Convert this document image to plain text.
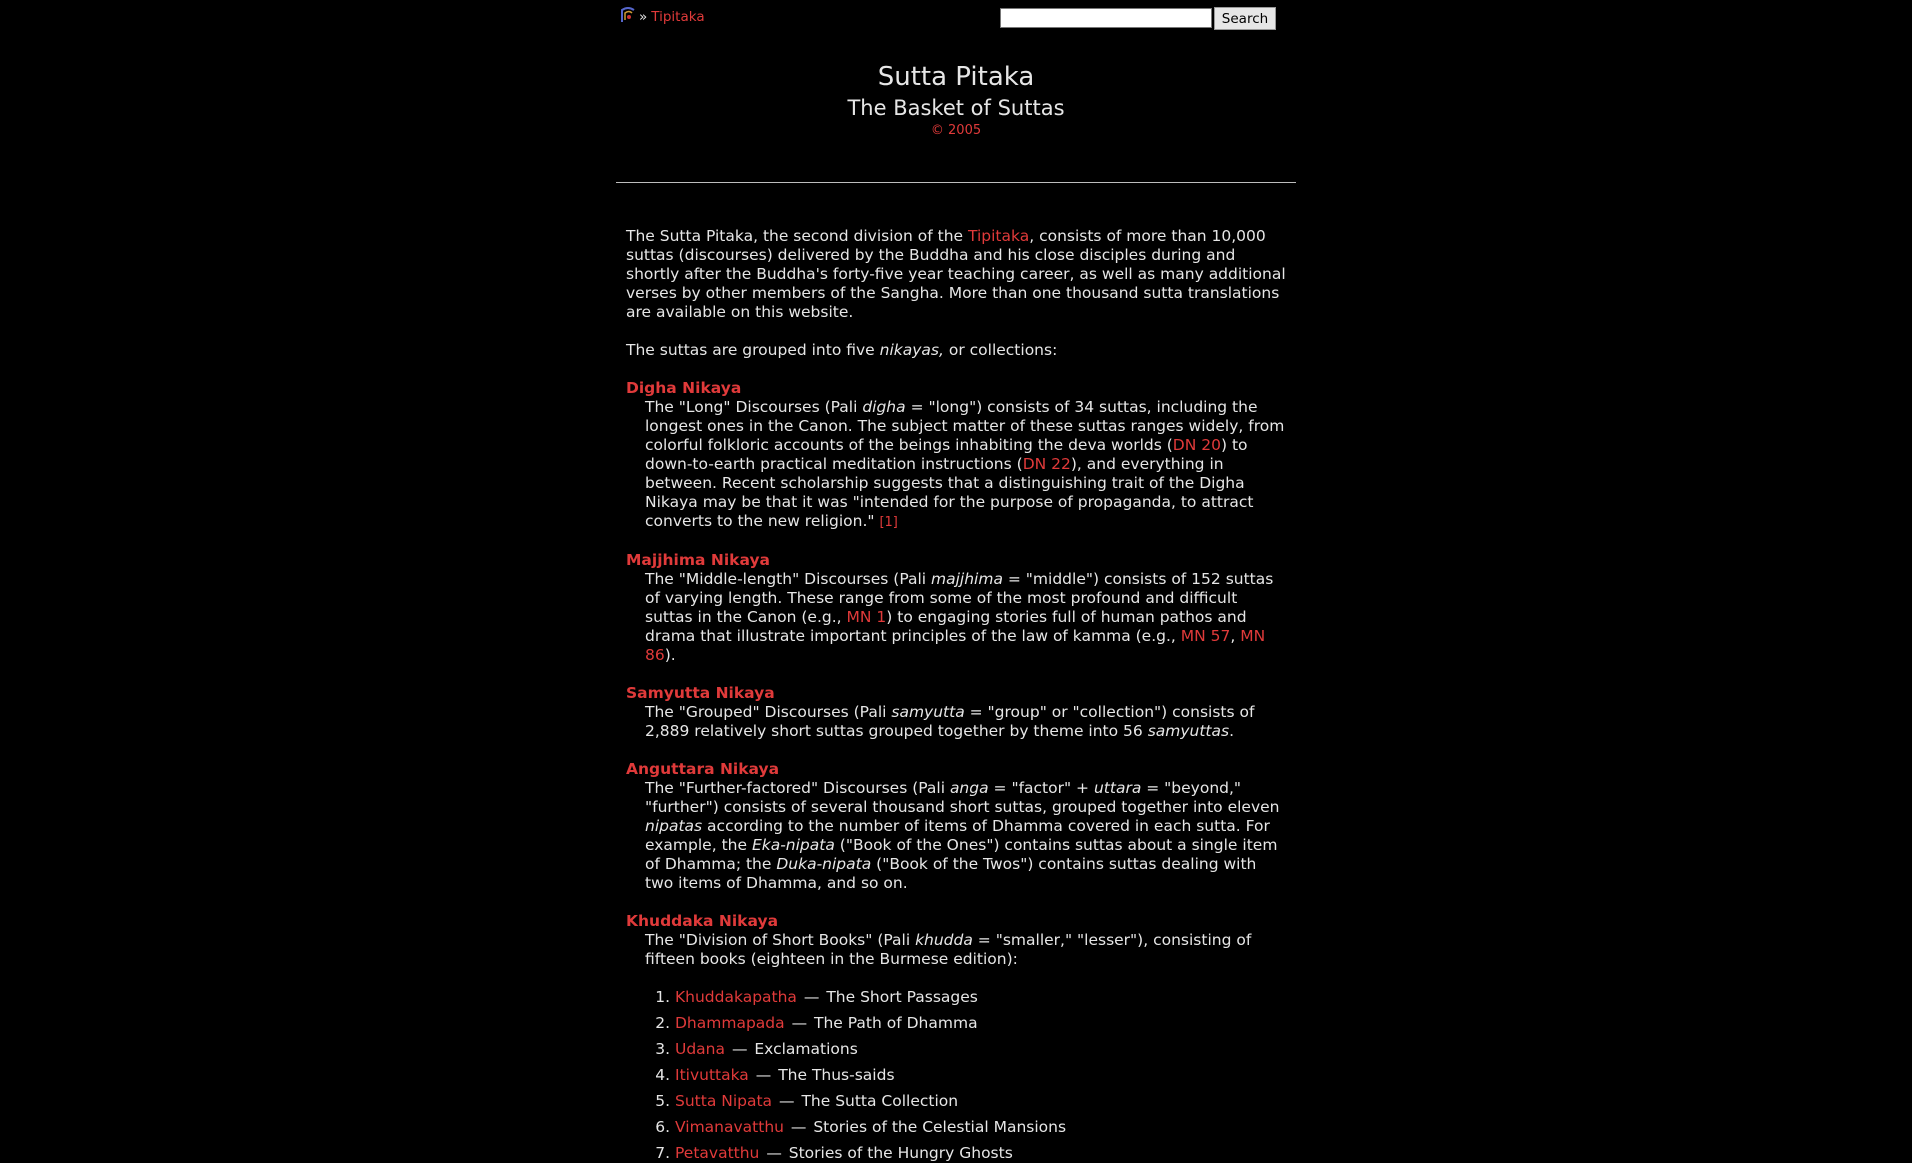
» Tipitaka	Search
Sutta Pitaka
The Basket of Suttas
© 2005

The Sutta Pitaka, the second division of the Tipitaka, consists of more than 10,000 suttas (discourses) delivered by the Buddha and his close disciples during and shortly after the Buddha's forty-five year teaching career, as well as many additional verses by other members of the Sangha. More than one thousand sutta translations are available on this website.

The suttas are grouped into five nikayas, or collections:

Digha Nikaya
The "Long" Discourses (Pali digha = "long") consists of 34 suttas, including the longest ones in the Canon. The subject matter of these suttas ranges widely, from colorful folkloric accounts of the beings inhabiting the deva worlds (DN 20) to down-to-earth practical meditation instructions (DN 22), and everything in between. Recent scholarship suggests that a distinguishing trait of the Digha Nikaya may be that it was "intended for the purpose of propaganda, to attract converts to the new religion." [1]
Majjhima Nikaya
The "Middle-length" Discourses (Pali majjhima = "middle") consists of 152 suttas of varying length. These range from some of the most profound and difficult suttas in the Canon (e.g., MN 1) to engaging stories full of human pathos and drama that illustrate important principles of the law of kamma (e.g., MN 57, MN 86).
Samyutta Nikaya
The "Grouped" Discourses (Pali samyutta = "group" or "collection") consists of 2,889 relatively short suttas grouped together by theme into 56 samyuttas.
Anguttara Nikaya
The "Further-factored" Discourses (Pali anga = "factor" + uttara = "beyond," "further") consists of several thousand short suttas, grouped together into eleven nipatas according to the number of items of Dhamma covered in each sutta. For example, the Eka-nipata ("Book of the Ones") contains suttas about a single item of Dhamma; the Duka-nipata ("Book of the Twos") contains suttas dealing with two items of Dhamma, and so on.
Khuddaka Nikaya
The "Division of Short Books" (Pali khudda = "smaller," "lesser"), consisting of fifteen books (eighteen in the Burmese edition):
1. Khuddakapatha — The Short Passages
2. Dhammapada — The Path of Dhamma
3. Udana — Exclamations
4. Itivuttaka — The Thus-saids
5. Sutta Nipata — The Sutta Collection
6. Vimanavatthu — Stories of the Celestial Mansions
7. Petavatthu — Stories of the Hungry Ghosts
